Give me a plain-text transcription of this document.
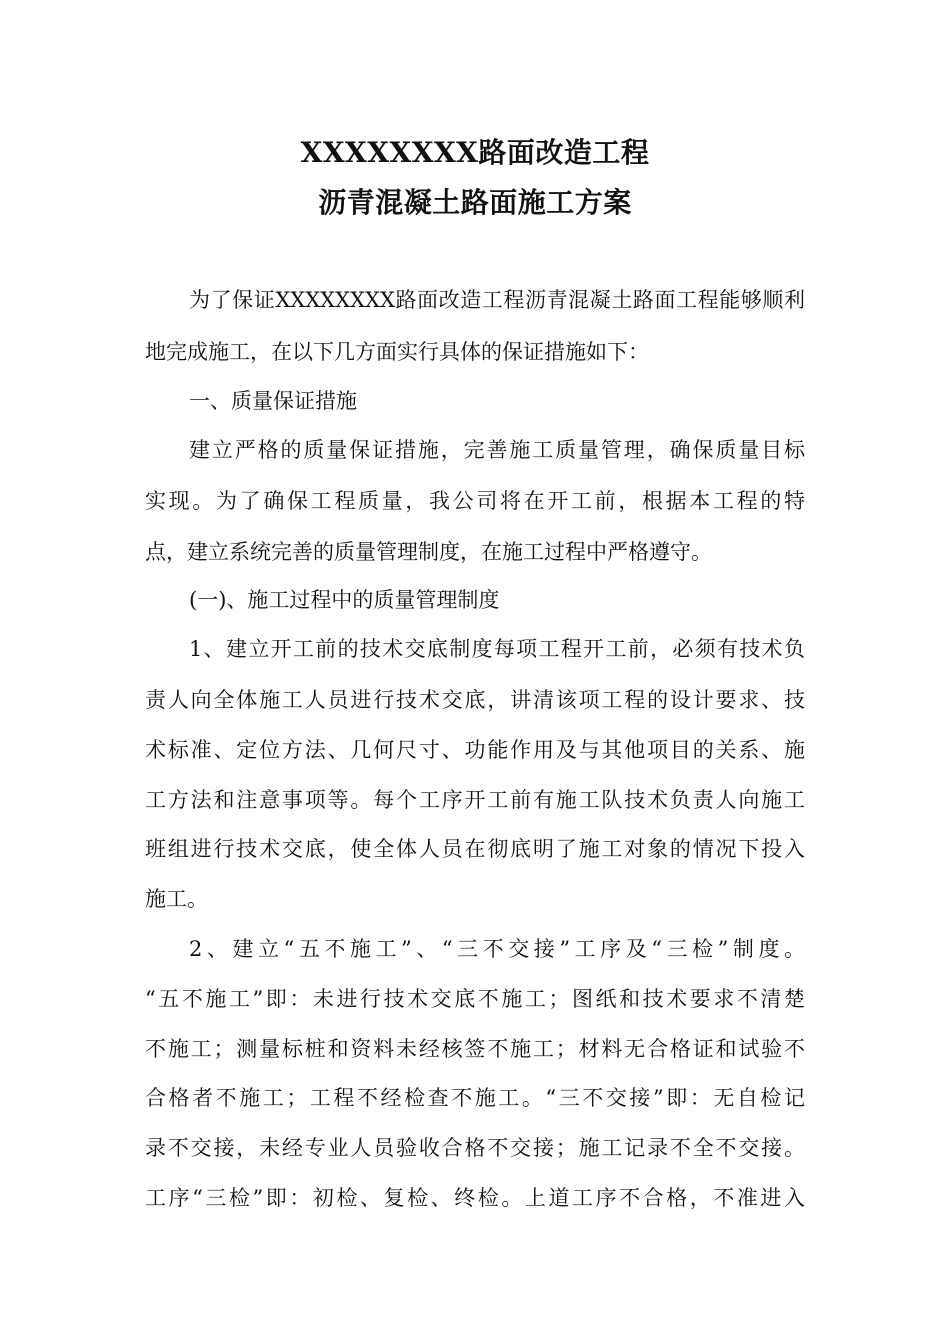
XXXXXXXX路面改造工程
沥青混凝土路面施工方案
为了保证XXXXXXXX路面改造工程沥青混凝土路面工程能够顺利
地完成施工，在以下几方面实行具体的保证措施如下：
一、质量保证措施
建立严格的质量保证措施，完善施工质量管理，确保质量目标
实现。为了确保工程质量，我公司将在开工前，根据本工程的特
点，建立系统完善的质量管理制度，在施工过程中严格遵守。
(一)、施工过程中的质量管理制度
1、建立开工前的技术交底制度每项工程开工前，必须有技术负
责人向全体施工人员进行技术交底，讲清该项工程的设计要求、技
术标准、定位方法、几何尺寸、功能作用及与其他项目的关系、施
工方法和注意事项等。每个工序开工前有施工队技术负责人向施工
班组进行技术交底，使全体人员在彻底明了施工对象的情况下投入
施工。
2、建立“五不施工”、“三不交接”工序及“三检”制度。
“五不施工”即：未进行技术交底不施工；图纸和技术要求不清楚
不施工；测量标桩和资料未经核签不施工；材料无合格证和试验不
合格者不施工；工程不经检查不施工。“三不交接”即：无自检记
录不交接，未经专业人员验收合格不交接；施工记录不全不交接。
工序“三检”即：初检、复检、终检。上道工序不合格，不准进入
